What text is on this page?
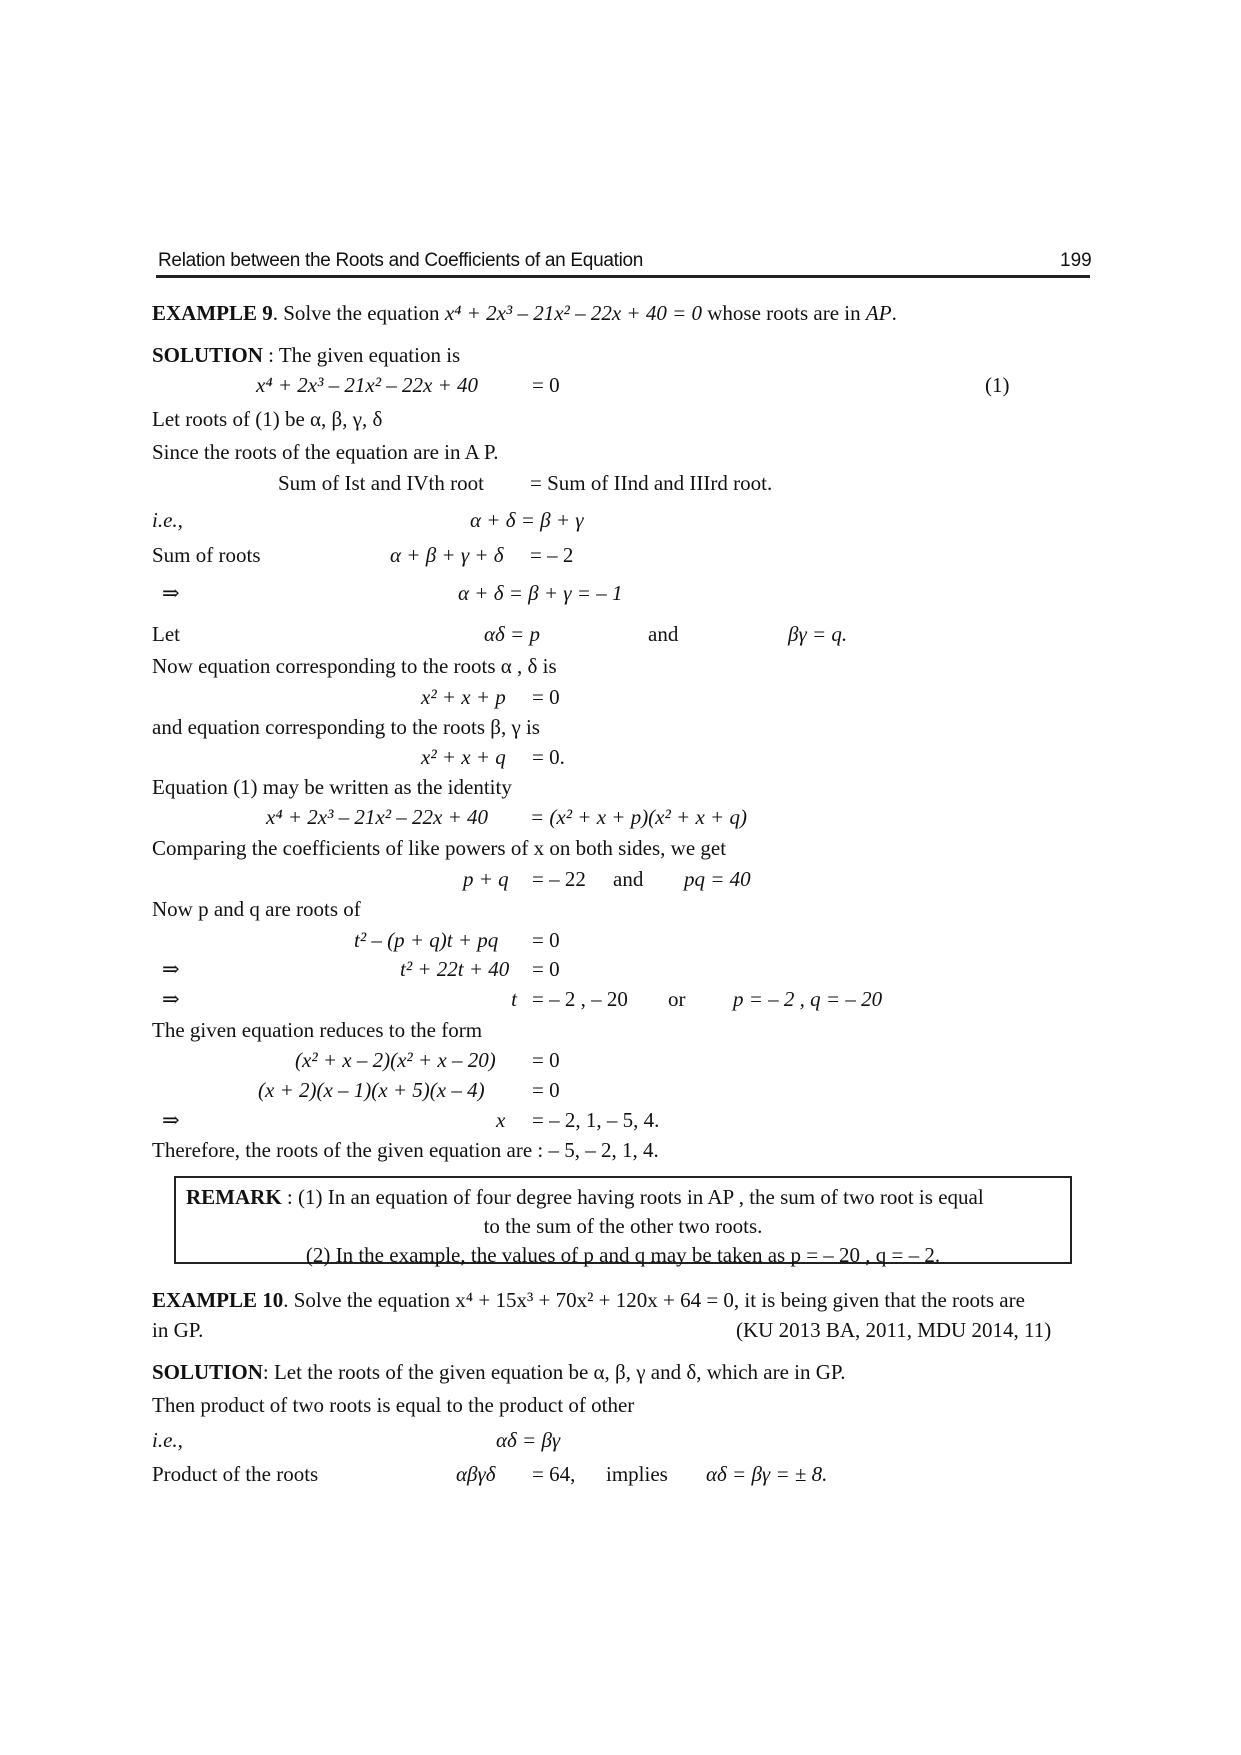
Relation between the Roots and Coefficients of an Equation	199
EXAMPLE 9. Solve the equation x⁴ + 2x³ – 21x² – 22x + 40 = 0 whose roots are in AP.
SOLUTION : The given equation is
x⁴ + 2x³ – 21x² – 22x + 40	= 0	(1)
Let roots of (1) be α, β, γ, δ
Since the roots of the equation are in A P.
Sum of Ist and IVth root = Sum of IInd and IIIrd root.
i.e.,	α + δ = β + γ
Sum of roots	α + β + γ + δ = – 2
⇒	α + δ = β + γ = – 1
Let	αδ = p	and	βγ = q.
Now equation corresponding to the roots α , δ is
x² + x + p = 0
and equation corresponding to the roots β, γ is
x² + x + q = 0.
Equation (1) may be written as the identity
x⁴ + 2x³ – 21x² – 22x + 40 = (x² + x + p)(x² + x + q)
Comparing the coefficients of like powers of x on both sides, we get
p + q = – 22 and pq = 40
Now p and q are roots of
t² – (p + q)t + pq = 0
⇒	t² + 22t + 40 = 0
⇒	t = – 2 , – 20 or p = – 2 , q = – 20
The given equation reduces to the form
(x² + x – 2)(x² + x – 20) = 0
(x + 2)(x – 1)(x + 5)(x – 4) = 0
⇒	x = – 2, 1, – 5, 4.
Therefore, the roots of the given equation are : – 5, – 2, 1, 4.
REMARK : (1) In an equation of four degree having roots in AP , the sum of two root is equal
to the sum of the other two roots.
(2) In the example, the values of p and q may be taken as p = – 20 , q = – 2.
EXAMPLE 10. Solve the equation x⁴ + 15x³ + 70x² + 120x + 64 = 0, it is being given that the roots are
in GP.	(KU 2013 BA, 2011, MDU 2014, 11)
SOLUTION: Let the roots of the given equation be α, β, γ and δ, which are in GP.
Then product of two roots is equal to the product of other
i.e.,	αδ = βγ
Product of the roots	αβγδ = 64, implies αδ = βγ = ± 8.
